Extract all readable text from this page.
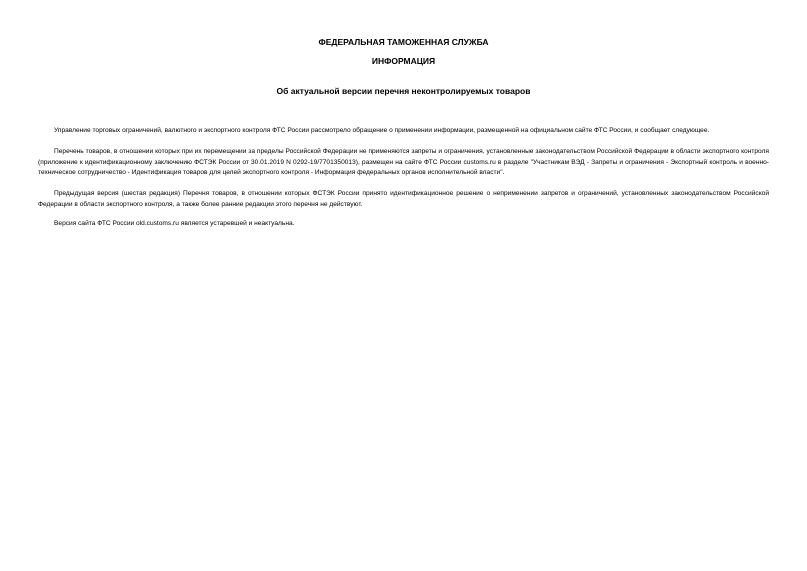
ФЕДЕРАЛЬНАЯ ТАМОЖЕННАЯ СЛУЖБА
ИНФОРМАЦИЯ
Об актуальной версии перечня неконтролируемых товаров

Управление торговых ограничений, валютного и экспортного контроля ФТС России рассмотрело обращение о применении информации, размещенной на официальном сайте ФТС России, и сообщает следующее.

Перечень товаров, в отношении которых при их перемещении за пределы Российской Федерации не применяются запреты и ограничения, установленные законодательством Российской Федерации в области экспортного контроля (приложение к идентификационному заключению ФСТЭК России от 30.01.2019 N 0292-19/7701350013), размещен на сайте ФТС России customs.ru в разделе "Участникам ВЭД - Запреты и ограничения - Экспортный контроль и военно-техническое сотрудничество - Идентификация товаров для целей экспортного контроля - Информация федеральных органов исполнительной власти".

Предыдущая версия (шестая редакция) Перечня товаров, в отношении которых ФСТЭК России принято идентификационное решение о неприменении запретов и ограничений, установленных законодательством Российской Федерации в области экспортного контроля, а также более ранние редакции этого перечня не действуют.

Версия сайта ФТС России old.customs.ru является устаревшей и неактуальна.
